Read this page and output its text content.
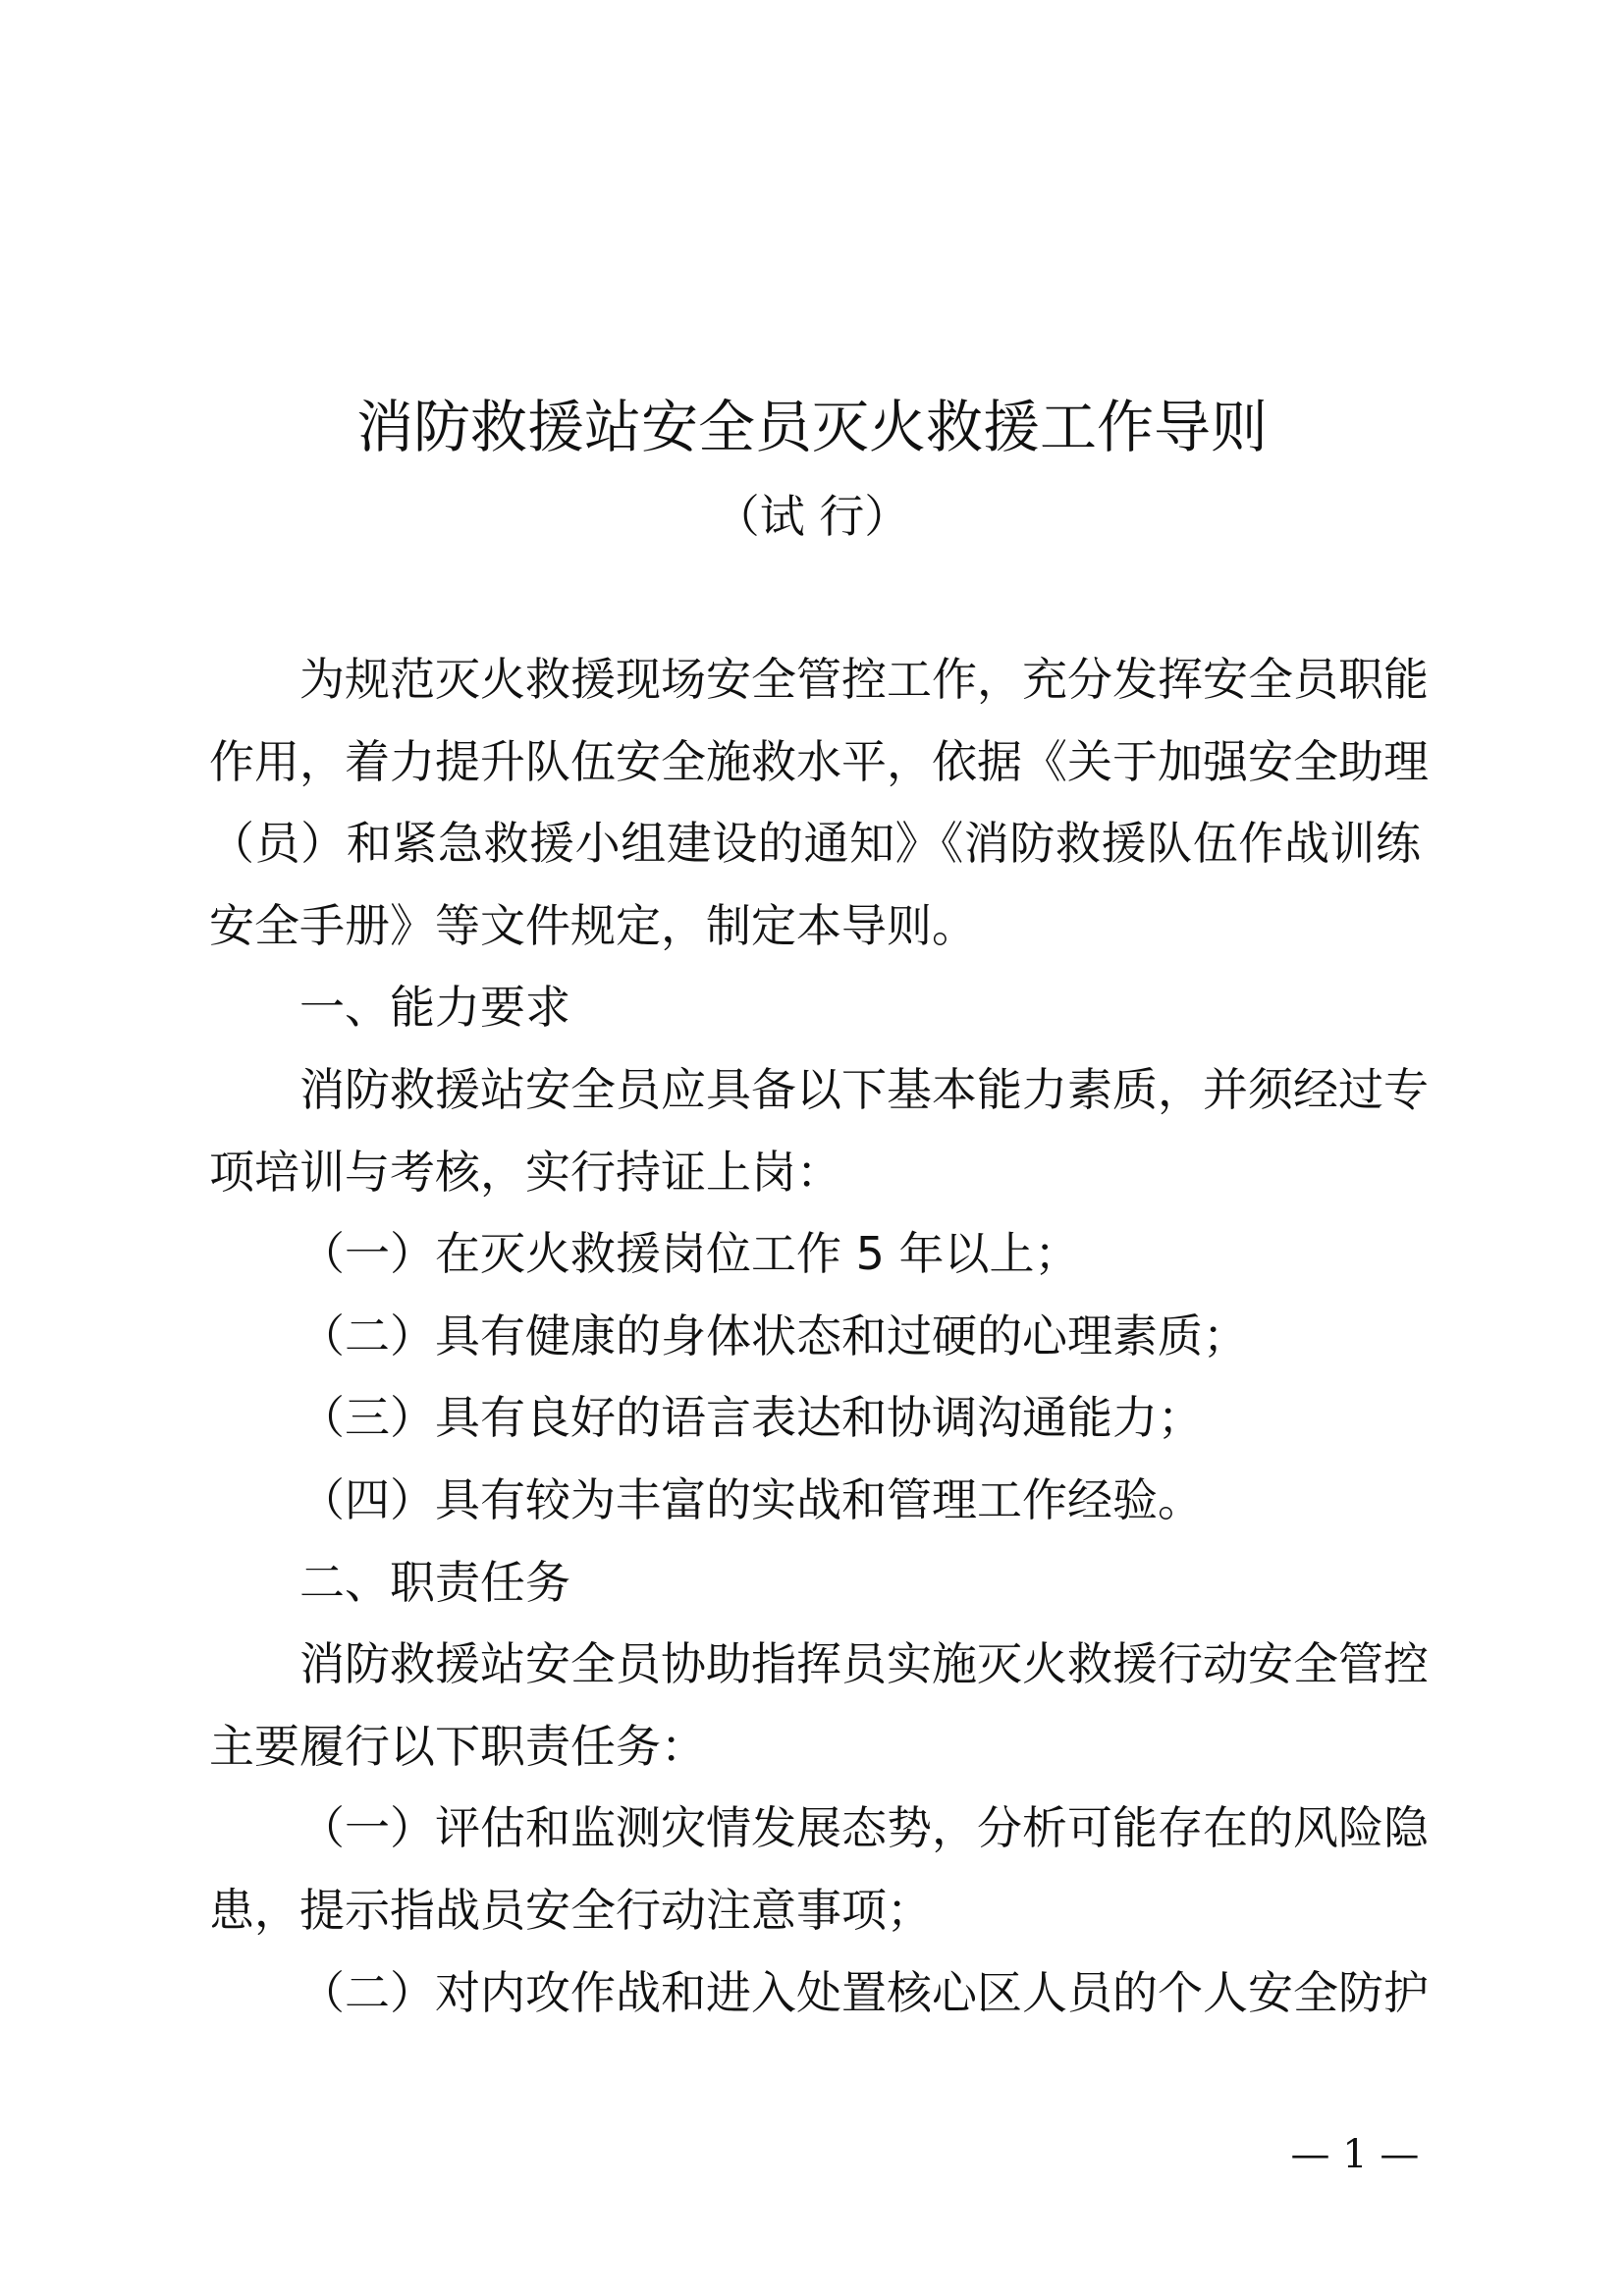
消防救援站安全员灭火救援工作导则
（试 行）
为规范灭火救援现场安全管控工作，充分发挥安全员职能
作用，着力提升队伍安全施救水平，依据《关于加强安全助理
（员）和紧急救援小组建设的通知》《消防救援队伍作战训练
安全手册》等文件规定，制定本导则。
一、能力要求
消防救援站安全员应具备以下基本能力素质，并须经过专
项培训与考核，实行持证上岗：
（一）在灭火救援岗位工作 5 年以上；
（二）具有健康的身体状态和过硬的心理素质；
（三）具有良好的语言表达和协调沟通能力；
（四）具有较为丰富的实战和管理工作经验。
二、职责任务
消防救援站安全员协助指挥员实施灭火救援行动安全管控
主要履行以下职责任务：
（一）评估和监测灾情发展态势，分析可能存在的风险隐
患，提示指战员安全行动注意事项；
（二）对内攻作战和进入处置核心区人员的个人安全防护
— 1 —
